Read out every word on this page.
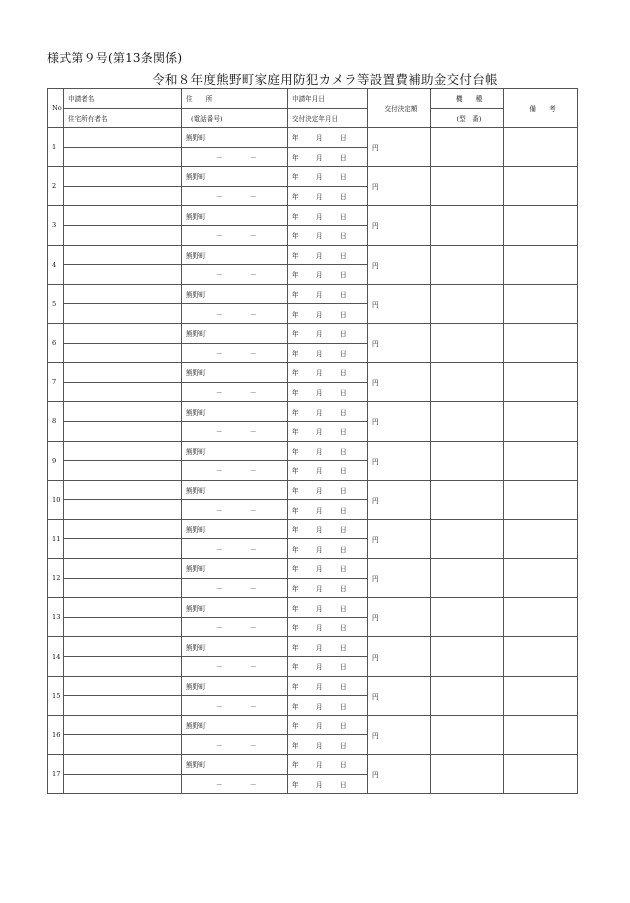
様式第９号(第13条関係)
令和８年度熊野町家庭用防犯カメラ等設置費補助金交付台帳
No	申請者名	住　　所	申請年月日	交付決定額	機　　種	備　　考
	住宅所有者名	(電話番号)	交付決定年月日		(型　番)	
1		熊野町	年 月 日	円		
		－ －	年 月 日			
2		熊野町	年 月 日	円		
		－ －	年 月 日			
3		熊野町	年 月 日	円		
		－ －	年 月 日			
4		熊野町	年 月 日	円		
		－ －	年 月 日			
5		熊野町	年 月 日	円		
		－ －	年 月 日			
6		熊野町	年 月 日	円		
		－ －	年 月 日			
7		熊野町	年 月 日	円		
		－ －	年 月 日			
8		熊野町	年 月 日	円		
		－ －	年 月 日			
9		熊野町	年 月 日	円		
		－ －	年 月 日			
10		熊野町	年 月 日	円		
		－ －	年 月 日			
11		熊野町	年 月 日	円		
		－ －	年 月 日			
12		熊野町	年 月 日	円		
		－ －	年 月 日			
13		熊野町	年 月 日	円		
		－ －	年 月 日			
14		熊野町	年 月 日	円		
		－ －	年 月 日			
15		熊野町	年 月 日	円		
		－ －	年 月 日			
16		熊野町	年 月 日	円		
		－ －	年 月 日			
17		熊野町	年 月 日	円		
		－ －	年 月 日			
